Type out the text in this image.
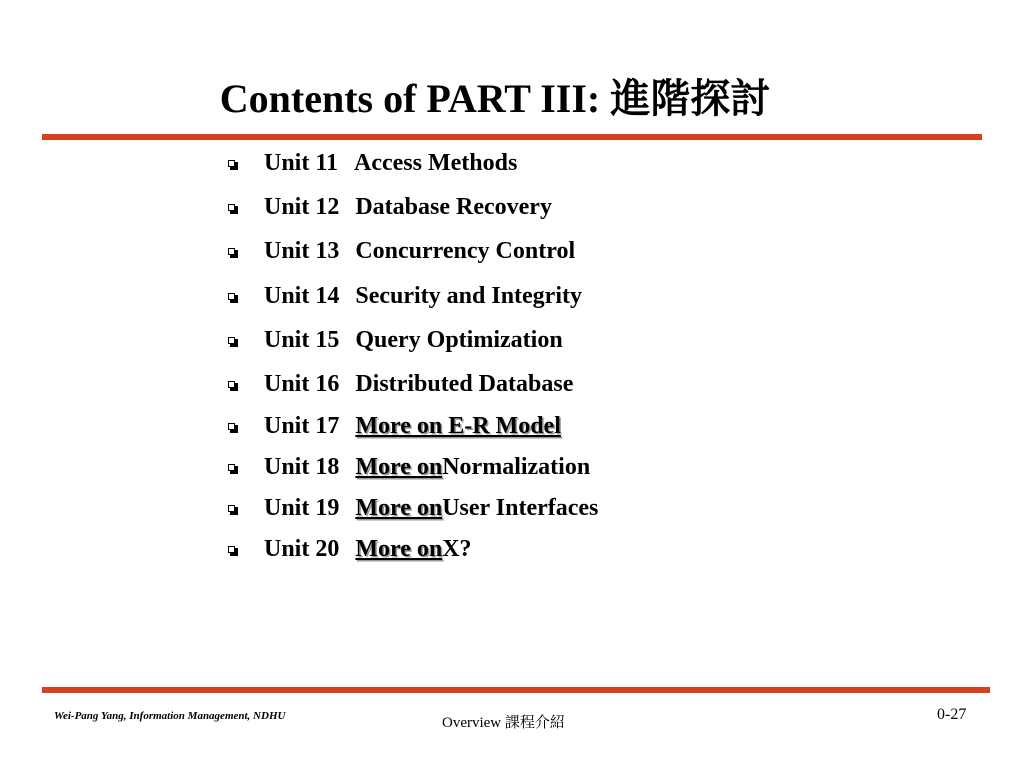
Contents of PART III: 進階探討
Unit 11 Access Methods
Unit 12 Database Recovery
Unit 13 Concurrency Control
Unit 14 Security and Integrity
Unit 15 Query Optimization
Unit 16 Distributed Database
Unit 17 More on E-R Model
Unit 18 More on Normalization
Unit 19 More on User Interfaces
Unit 20 More on X?
Wei-Pang Yang, Information Management, NDHU	Overview 課程介紹	0-27
